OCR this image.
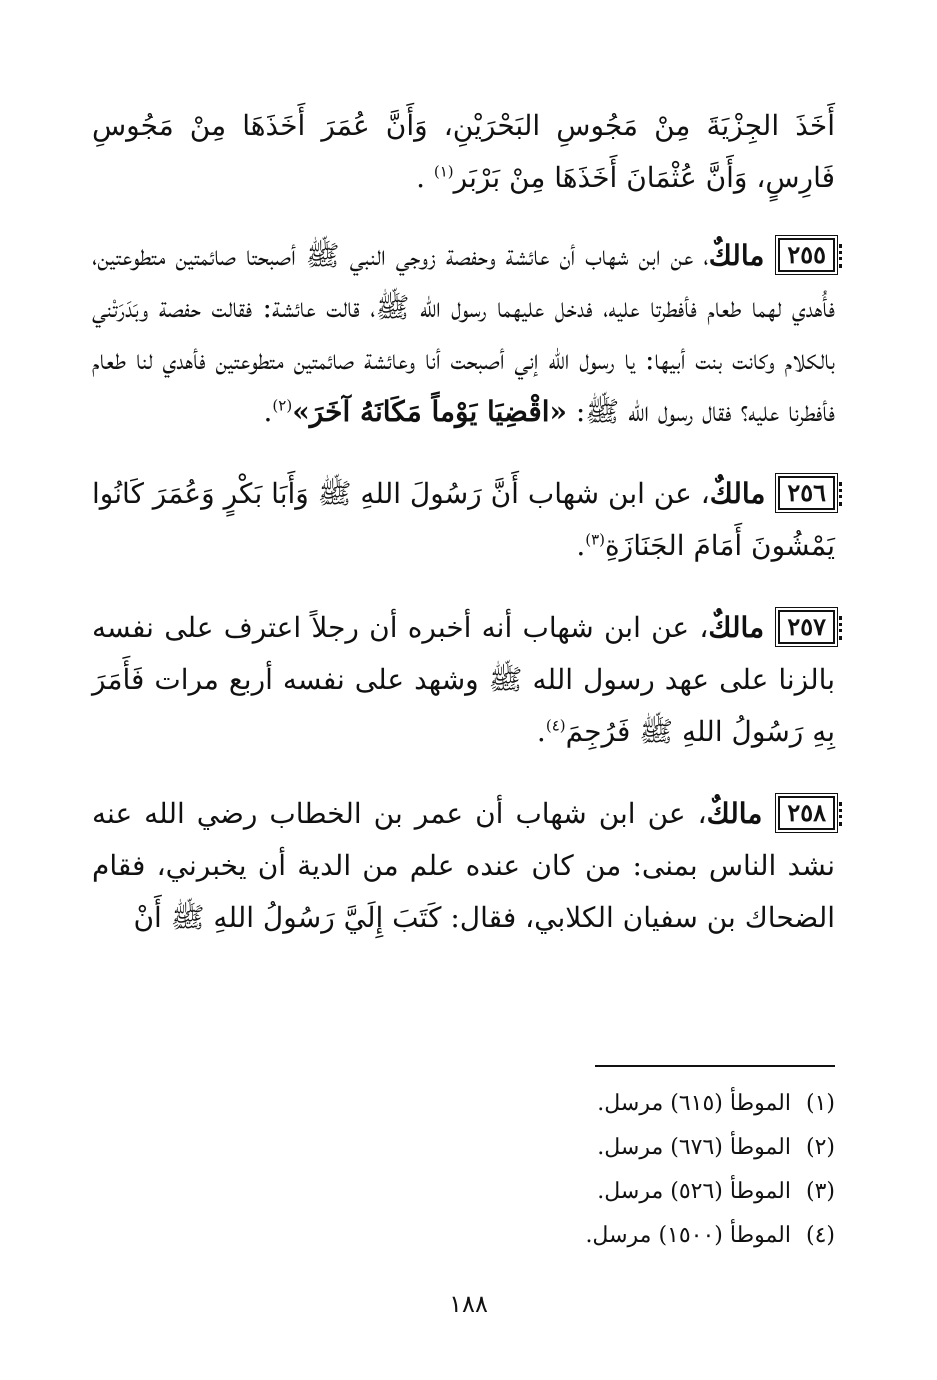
أَخَذَ الجِزْيَةَ مِنْ مَجُوسِ البَحْرَيْنِ، وَأَنَّ عُمَرَ أَخَذَهَا مِنْ مَجُوسِ فَارِسٍ، وَأَنَّ عُثْمَانَ أَخَذَهَا مِنْ بَرْبَر$^{(١)}$ .

٢٥٥ مالكٌ، عن ابن شهاب أن عائشة وحفصة زوجي النبي ﷺ أصبحتا صائمتين متطوعتين، فأُهدي لهما طعام فأفطرتا عليه، فدخل عليهما رسول الله ﷺ، قالت عائشة: فقالت حفصة وبَدَرَتْني بالكلام وكانت بنت أبيها: يا رسول الله إني أصبحت أنا وعائشة صائمتين متطوعتين فأهدي لنا طعام فأفطرنا عليه؟ فقال رسول الله ﷺ: «اقْضِيَا يَوْماً مَكَانَهُ آخَرَ»$^{(٢)}$.

٢٥٦ مالكٌ، عن ابن شهاب أَنَّ رَسُولَ اللهِ ﷺ وَأَبَا بَكْرٍ وَعُمَرَ كَانُوا يَمْشُونَ أَمَامَ الجَنَازَةِ$^{(٣)}$.

٢٥٧ مالكٌ، عن ابن شهاب أنه أخبره أن رجلاً اعترف على نفسه بالزنا على عهد رسول الله ﷺ وشهد على نفسه أربع مرات فَأَمَرَ بِهِ رَسُولُ اللهِ ﷺ فَرُجِمَ$^{(٤)}$.

٢٥٨ مالكٌ، عن ابن شهاب أن عمر بن الخطاب رضي الله عنه نشد الناس بمنى: من كان عنده علم من الدية أن يخبرني، فقام الضحاك بن سفيان الكلابي، فقال: كَتَبَ إِلَيَّ رَسُولُ اللهِ ﷺ أَنْ

(١)الموطأ (٦١٥) مرسل.
(٢)الموطأ (٦٧٦) مرسل.
(٣)الموطأ (٥٢٦) مرسل.
(٤)الموطأ (١٥٠٠) مرسل.
١٨٨
